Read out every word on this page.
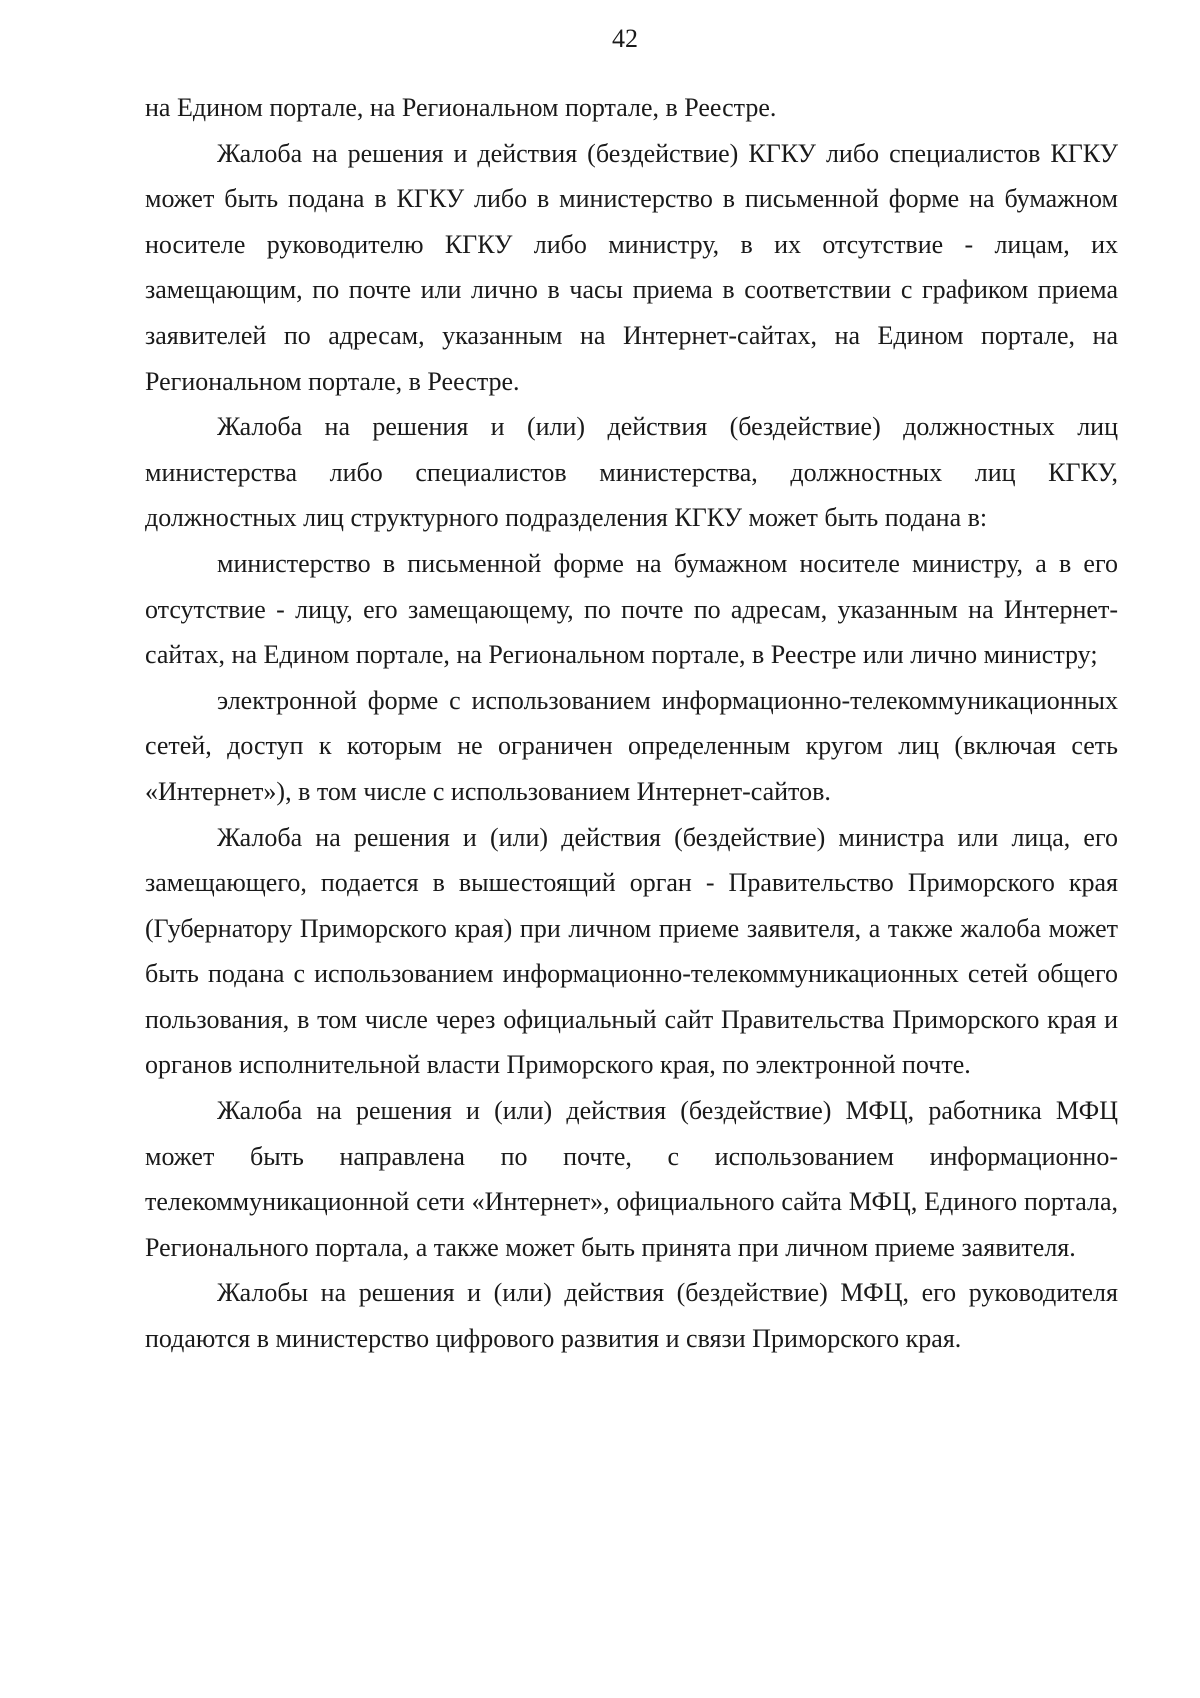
42

на Едином портале, на Региональном портале, в Реестре.

Жалоба на решения и действия (бездействие) КГКУ либо специалистов КГКУ может быть подана в КГКУ либо в министерство в письменной форме на бумажном носителе руководителю КГКУ либо министру, в их отсутствие - лицам, их замещающим, по почте или лично в часы приема в соответствии с графиком приема заявителей по адресам, указанным на Интернет-сайтах, на Едином портале, на Региональном портале, в Реестре.

Жалоба на решения и (или) действия (бездействие) должностных лиц министерства либо специалистов министерства, должностных лиц КГКУ, должностных лиц структурного подразделения КГКУ может быть подана в:

министерство в письменной форме на бумажном носителе министру, а в его отсутствие - лицу, его замещающему, по почте по адресам, указанным на Интернет-сайтах, на Едином портале, на Региональном портале, в Реестре или лично министру;

электронной форме с использованием информационно-телекоммуникационных сетей, доступ к которым не ограничен определенным кругом лиц (включая сеть «Интернет»), в том числе с использованием Интернет-сайтов.

Жалоба на решения и (или) действия (бездействие) министра или лица, его замещающего, подается в вышестоящий орган - Правительство Приморского края (Губернатору Приморского края) при личном приеме заявителя, а также жалоба может быть подана с использованием информационно-телекоммуникационных сетей общего пользования, в том числе через официальный сайт Правительства Приморского края и органов исполнительной власти Приморского края, по электронной почте.

Жалоба на решения и (или) действия (бездействие) МФЦ, работника МФЦ может быть направлена по почте, с использованием информационно-телекоммуникационной сети «Интернет», официального сайта МФЦ, Единого портала, Регионального портала, а также может быть принята при личном приеме заявителя.

Жалобы на решения и (или) действия (бездействие) МФЦ, его руководителя подаются в министерство цифрового развития и связи Приморского края.
